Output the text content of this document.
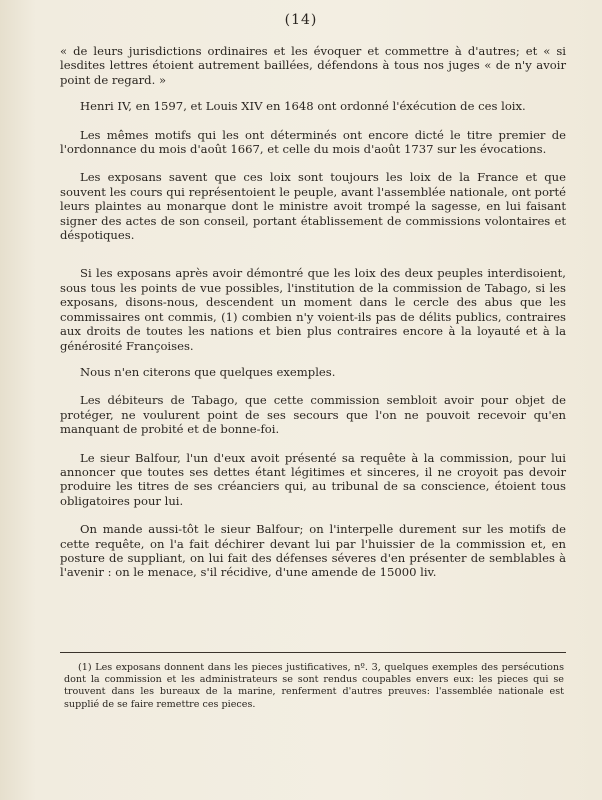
(14)

« de leurs jurisdictions ordinaires et les évoquer et commettre à d'autres; et « si lesdites lettres étoient autrement baillées, défendons à tous nos juges « de n'y avoir point de regard. »

Henri IV, en 1597, et Louis XIV en 1648 ont ordonné l'éxécution de ces loix.

Les mêmes motifs qui les ont déterminés ont encore dicté le titre premier de l'ordonnance du mois d'août 1667, et celle du mois d'août 1737 sur les évocations.

Les exposans savent que ces loix sont toujours les loix de la France et que souvent les cours qui représentoient le peuple, avant l'assemblée nationale, ont porté leurs plaintes au monarque dont le ministre avoit trompé la sagesse, en lui faisant signer des actes de son conseil, portant établissement de commissions volontaires et déspotiques.

Si les exposans après avoir démontré que les loix des deux peuples interdisoient, sous tous les points de vue possibles, l'institution de la commission de Tabago, si les exposans, disons-nous, descendent un moment dans le cercle des abus que les commissaires ont commis, (1) combien n'y voient-ils pas de délits publics, contraires aux droits de toutes les nations et bien plus contraires encore à la loyauté et à la générosité Françoises.

Nous n'en citerons que quelques exemples.

Les débiteurs de Tabago, que cette commission sembloit avoir pour objet de protéger, ne voulurent point de ses secours que l'on ne pouvoit recevoir qu'en manquant de probité et de bonne-foi.

Le sieur Balfour, l'un d'eux avoit présenté sa requête à la commission, pour lui annoncer que toutes ses dettes étant légitimes et sinceres, il ne croyoit pas devoir produire les titres de ses créanciers qui, au tribunal de sa conscience, étoient tous obligatoires pour lui.

On mande aussi-tôt le sieur Balfour; on l'interpelle durement sur les motifs de cette requête, on l'a fait déchirer devant lui par l'huissier de la commission et, en posture de suppliant, on lui fait des défenses séveres d'en présenter de semblables à l'avenir : on le menace, s'il récidive, d'une amende de 15000 liv.

(1) Les exposans donnent dans les pieces justificatives, nº. 3, quelques exemples des persécutions dont la commission et les administrateurs se sont rendus coupables envers eux: les pieces qui se trouvent dans les bureaux de la marine, renferment d'autres preuves: l'assemblée nationale est supplié de se faire remettre ces pieces.
